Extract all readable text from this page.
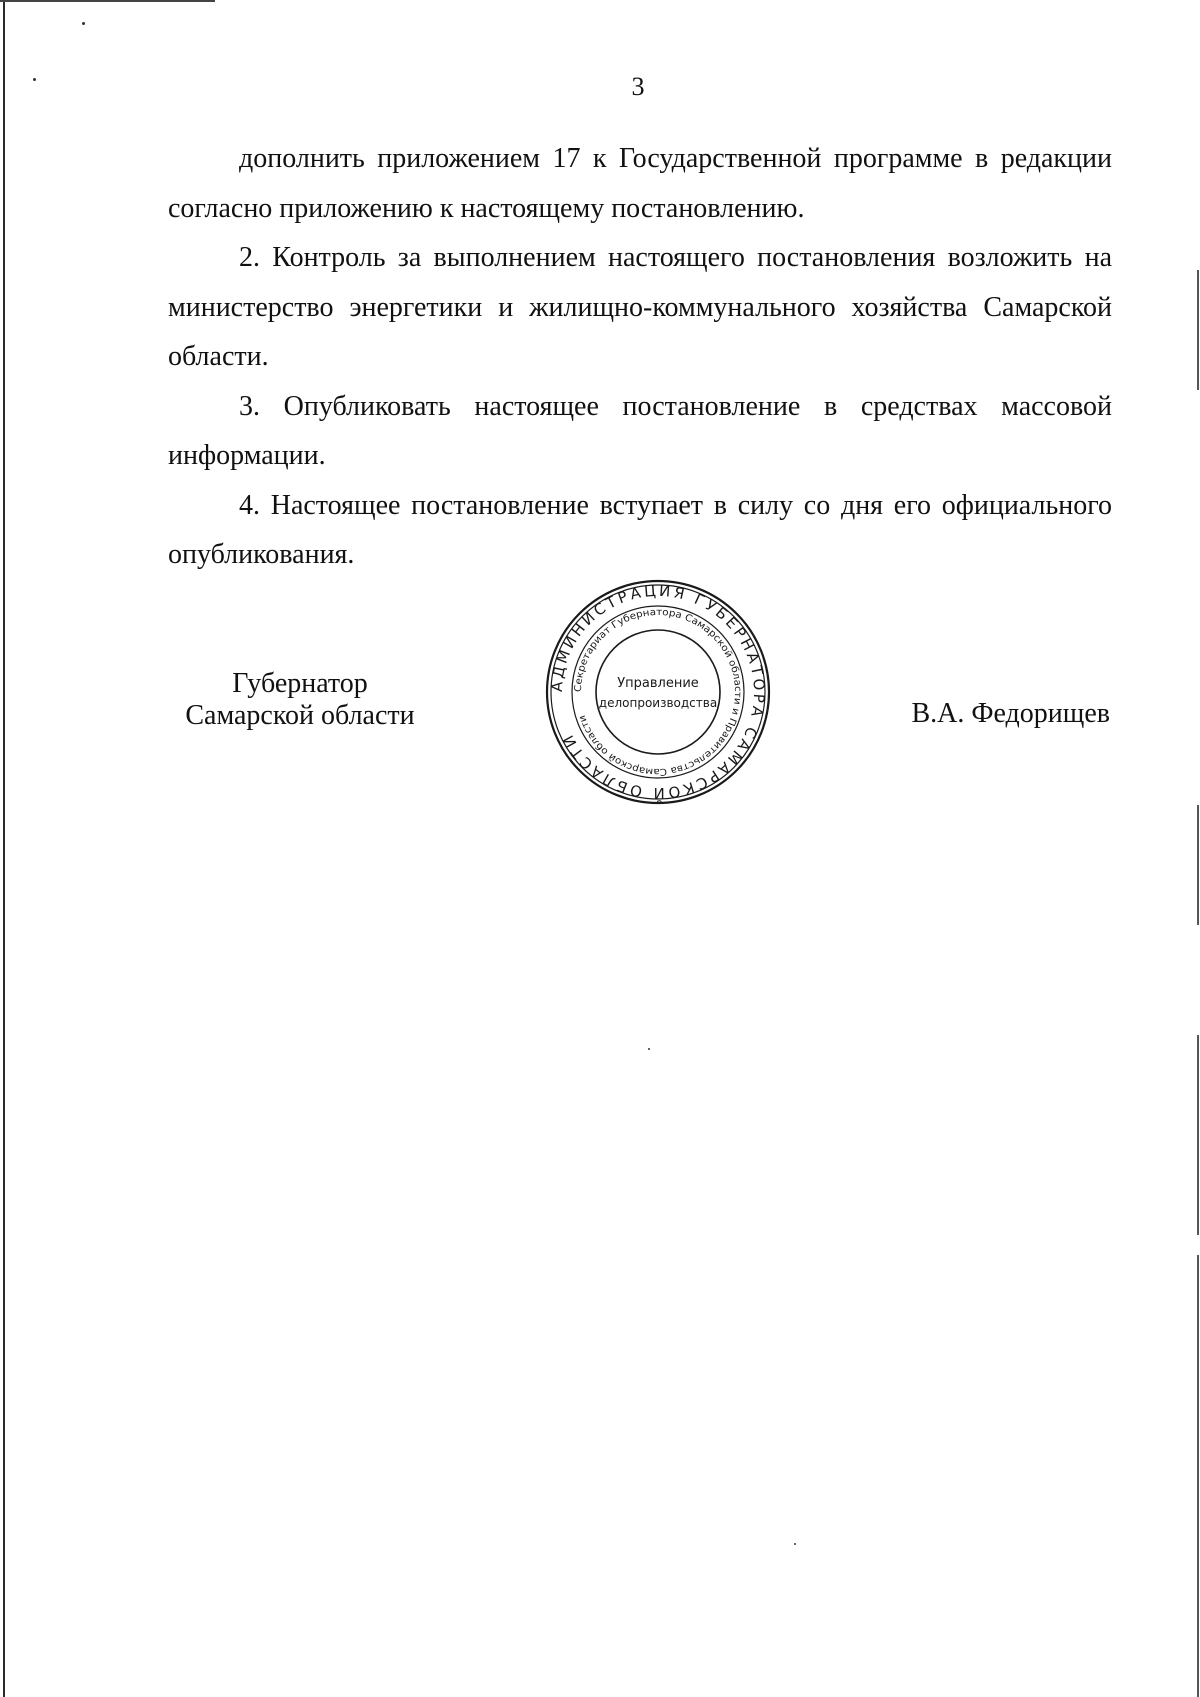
3

дополнить приложением 17 к Государственной программе в редакции согласно приложению к настоящему постановлению.

2. Контроль за выполнением настоящего постановления возложить на министерство энергетики и жилищно-коммунального хозяйства Самарской области.

3. Опубликовать настоящее постановление в средствах массовой информации.

4. Настоящее постановление вступает в силу со дня его официального опубликования.

Губернатор
Самарской области	В.А. Федорищев
АДМИНИСТРАЦИЯ ГУБЕРНАТОРА САМАРСКОЙ ОБЛАСТИ
Секретариат Губернатора Самарской области и Правительства Самарской области
Управление
делопроизводства
